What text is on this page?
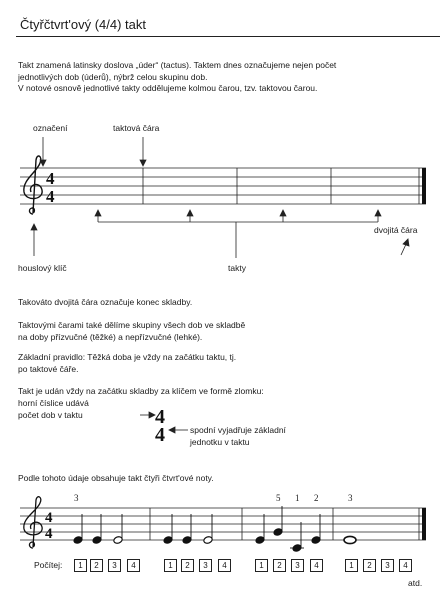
Čtyřčtvrt'ový (4/4) takt
Takt znamená latinsky doslova „úder“ (tactus). Taktem dnes označujeme nejen počet
jednotlivých dob (úderů), nýbrž celou skupinu dob.
V notové osnově jednotlivé takty oddělujeme kolmou čarou, tzv. taktovou čarou.
označení	taktová čára
dvojitá čára
houslový klíč	takty
4
4
Takováto dvojitá čára označuje konec skladby.
Taktovými čarami také dělíme skupiny všech dob ve skladbě
na doby přízvučné (těžké) a nepřízvučné (lehké).
Základní pravidlo: Těžká doba je vždy na začátku taktu, tj.
po taktové čáře.
Takt je udán vždy na začátku skladby za klíčem ve formě zlomku:
horní číslice udává
počet dob v taktu	4
4	spodní vyjadřuje základní
jednotku v taktu
Podle tohoto údaje obsahuje takt čtyři čtvrt'ové noty.
4
4
3	5 1 2	3
Počítej:	1	2	3	4	1	2	3	4	1	2	3	4	1	2	3	4
atd.
